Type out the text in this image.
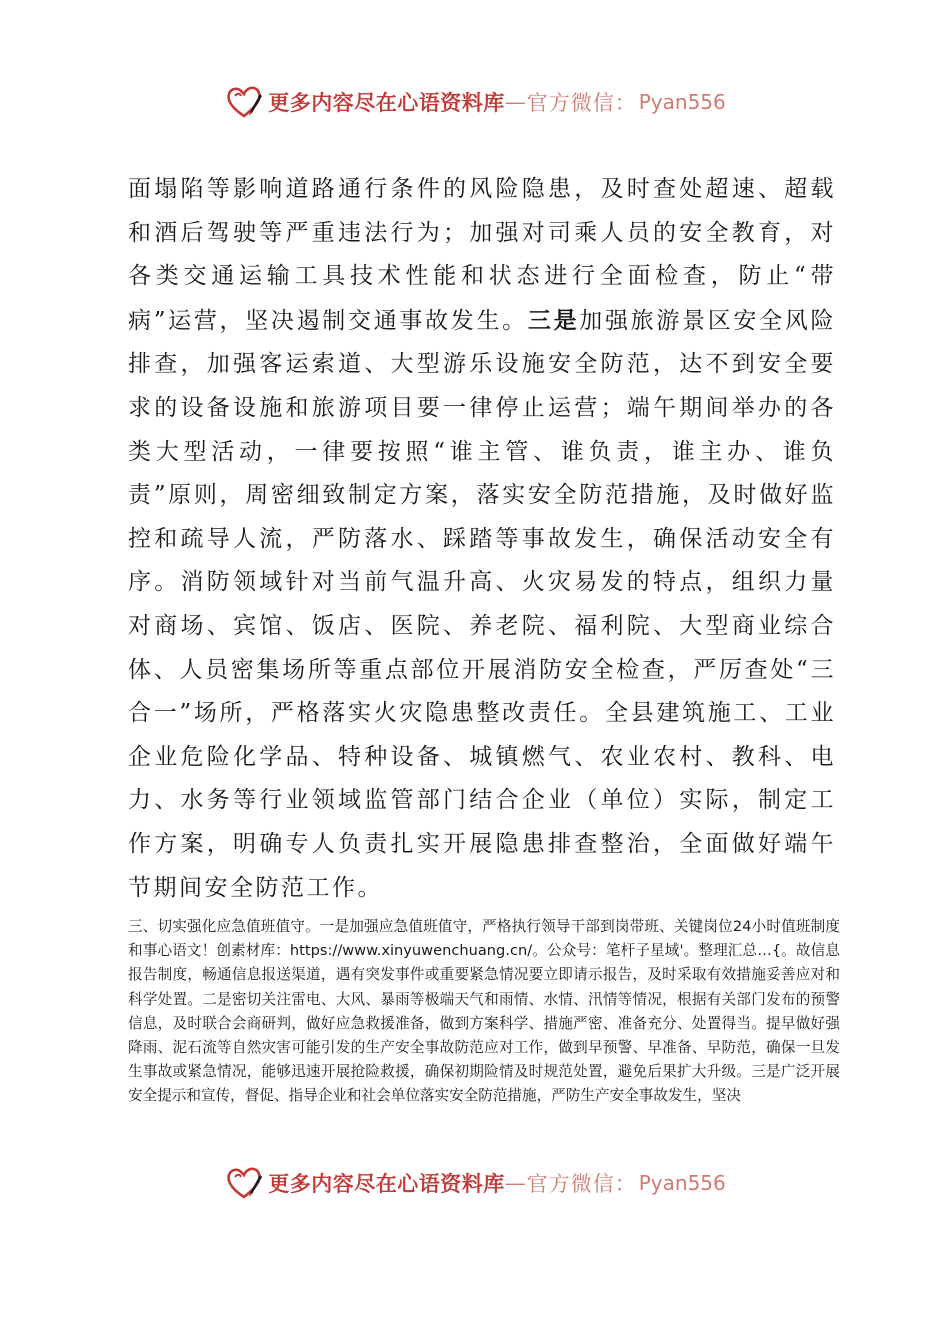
更多内容尽在心语资料库 — 官方微信： Pyan556

面塌陷等影响道路通行条件的风险隐患，及时查处超速、超载和酒后驾驶等严重违法行为；加强对司乘人员的安全教育，对各类交通运输工具技术性能和状态进行全面检查，防止“带病”运营，坚决遏制交通事故发生。三是加强旅游景区安全风险排查，加强客运索道、大型游乐设施安全防范，达不到安全要求的设备设施和旅游项目要一律停止运营；端午期间举办的各类大型活动，一律要按照“谁主管、谁负责，谁主办、谁负责”原则，周密细致制定方案，落实安全防范措施，及时做好监控和疏导人流，严防落水、踩踏等事故发生，确保活动安全有序。消防领域针对当前气温升高、火灾易发的特点，组织力量对商场、宾馆、饭店、医院、养老院、福利院、大型商业综合体、人员密集场所等重点部位开展消防安全检查，严厉查处“三合一”场所，严格落实火灾隐患整改责任。全县建筑施工、工业企业危险化学品、特种设备、城镇燃气、农业农村、教科、电力、水务等行业领域监管部门结合企业（单位）实际，制定工作方案，明确专人负责扎实开展隐患排查整治，全面做好端午节期间安全防范工作。

三、切实强化应急值班值守。一是加强应急值班值守，严格执行领导干部到岗带班、关键岗位24小时值班制度和事心语文！创素材库：https://www.xinyuwenchuang.cn/。公众号：笔杆子星域'。整理汇总…{。故信息报告制度，畅通信息报送渠道，遇有突发事件或重要紧急情况要立即请示报告，及时采取有效措施妥善应对和科学处置。二是密切关注雷电、大风、暴雨等极端天气和雨情、水情、汛情等情况，根据有关部门发布的预警信息，及时联合会商研判，做好应急救援准备，做到方案科学、措施严密、准备充分、处置得当。提早做好强降雨、泥石流等自然灾害可能引发的生产安全事故防范应对工作，做到早预警、早准备、早防范，确保一旦发生事故或紧急情况，能够迅速开展抢险救援，确保初期险情及时规范处置，避免后果扩大升级。三是广泛开展安全提示和宣传，督促、指导企业和社会单位落实安全防范措施，严防生产安全事故发生，坚决

更多内容尽在心语资料库 — 官方微信： Pyan556
